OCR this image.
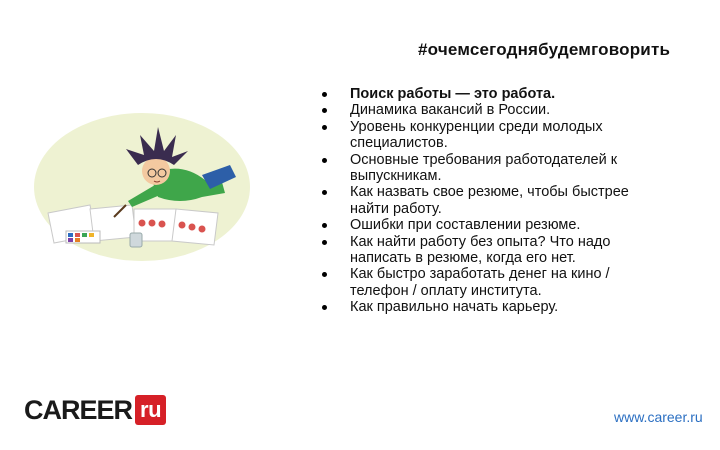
#очемсегоднябудемговорить
Поиск работы — это работа.
Динамика вакансий в России.
Уровень конкуренции среди молодых специалистов.
Основные требования работодателей к выпускникам.
Как назвать свое резюме, чтобы быстрее найти работу.
Ошибки при составлении резюме.
Как найти работу без опыта? Что надо написать в резюме, когда его нет.
Как быстро заработать денег на кино / телефон / оплату института.
Как правильно начать карьеру.
CAREER ru	www.career.ru
